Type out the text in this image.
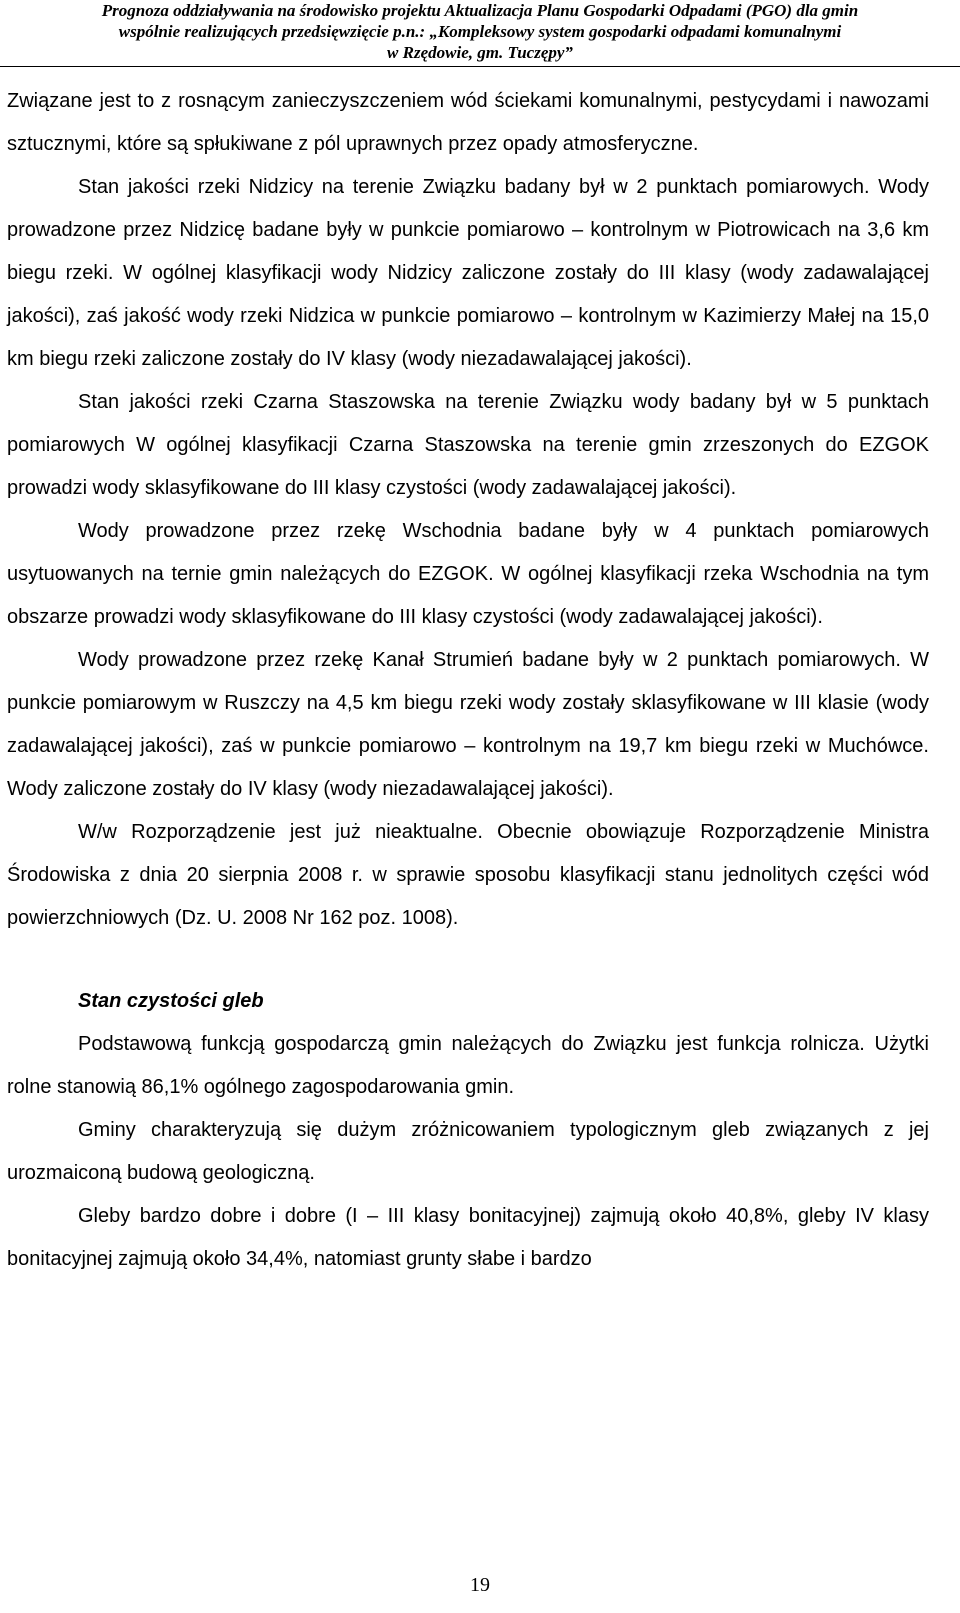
Prognoza oddziaływania na środowisko projektu Aktualizacja Planu Gospodarki Odpadami (PGO) dla gmin
wspólnie realizujących przedsięwzięcie p.n.: „Kompleksowy system gospodarki odpadami komunalnymi
w Rzędowie, gm. Tuczępy”

Związane jest to z rosnącym zanieczyszczeniem wód ściekami komunalnymi, pestycydami i nawozami sztucznymi, które są spłukiwane z pól uprawnych przez opady atmosferyczne.

Stan jakości rzeki Nidzicy na terenie Związku badany był w 2 punktach pomiarowych. Wody prowadzone przez Nidzicę badane były w punkcie pomiarowo – kontrolnym w Piotrowicach na 3,6 km biegu rzeki. W ogólnej klasyfikacji wody Nidzicy zaliczone zostały do III klasy (wody zadawalającej jakości), zaś jakość wody rzeki Nidzica w punkcie pomiarowo – kontrolnym w Kazimierzy Małej na 15,0 km biegu rzeki zaliczone zostały do IV klasy (wody niezadawalającej jakości).

Stan jakości rzeki Czarna Staszowska na terenie Związku wody badany był w 5 punktach pomiarowych W ogólnej klasyfikacji Czarna Staszowska na terenie gmin zrzeszonych do EZGOK prowadzi wody sklasyfikowane do III klasy czystości (wody zadawalającej jakości).

Wody prowadzone przez rzekę Wschodnia badane były w 4 punktach pomiarowych usytuowanych na ternie gmin należących do EZGOK. W ogólnej klasyfikacji rzeka Wschodnia na tym obszarze prowadzi wody sklasyfikowane do III klasy czystości (wody zadawalającej jakości).

Wody prowadzone przez rzekę Kanał Strumień badane były w 2 punktach pomiarowych. W punkcie pomiarowym w Ruszczy na 4,5 km biegu rzeki wody zostały sklasyfikowane w III klasie (wody zadawalającej jakości), zaś w punkcie pomiarowo – kontrolnym na 19,7 km biegu rzeki w Muchówce. Wody zaliczone zostały do IV klasy (wody niezadawalającej jakości).

W/w Rozporządzenie jest już nieaktualne. Obecnie obowiązuje Rozporządzenie Ministra Środowiska z dnia 20 sierpnia 2008 r. w sprawie sposobu klasyfikacji stanu jednolitych części wód powierzchniowych (Dz. U. 2008 Nr 162 poz. 1008).

Stan czystości gleb

Podstawową funkcją gospodarczą gmin należących do Związku jest funkcja rolnicza. Użytki rolne stanowią 86,1% ogólnego zagospodarowania gmin.

Gminy charakteryzują się dużym zróżnicowaniem typologicznym gleb związanych z jej urozmaiconą budową geologiczną.

Gleby bardzo dobre i dobre (I – III klasy bonitacyjnej) zajmują około 40,8%, gleby IV klasy bonitacyjnej zajmują około 34,4%, natomiast grunty słabe i bardzo

19
